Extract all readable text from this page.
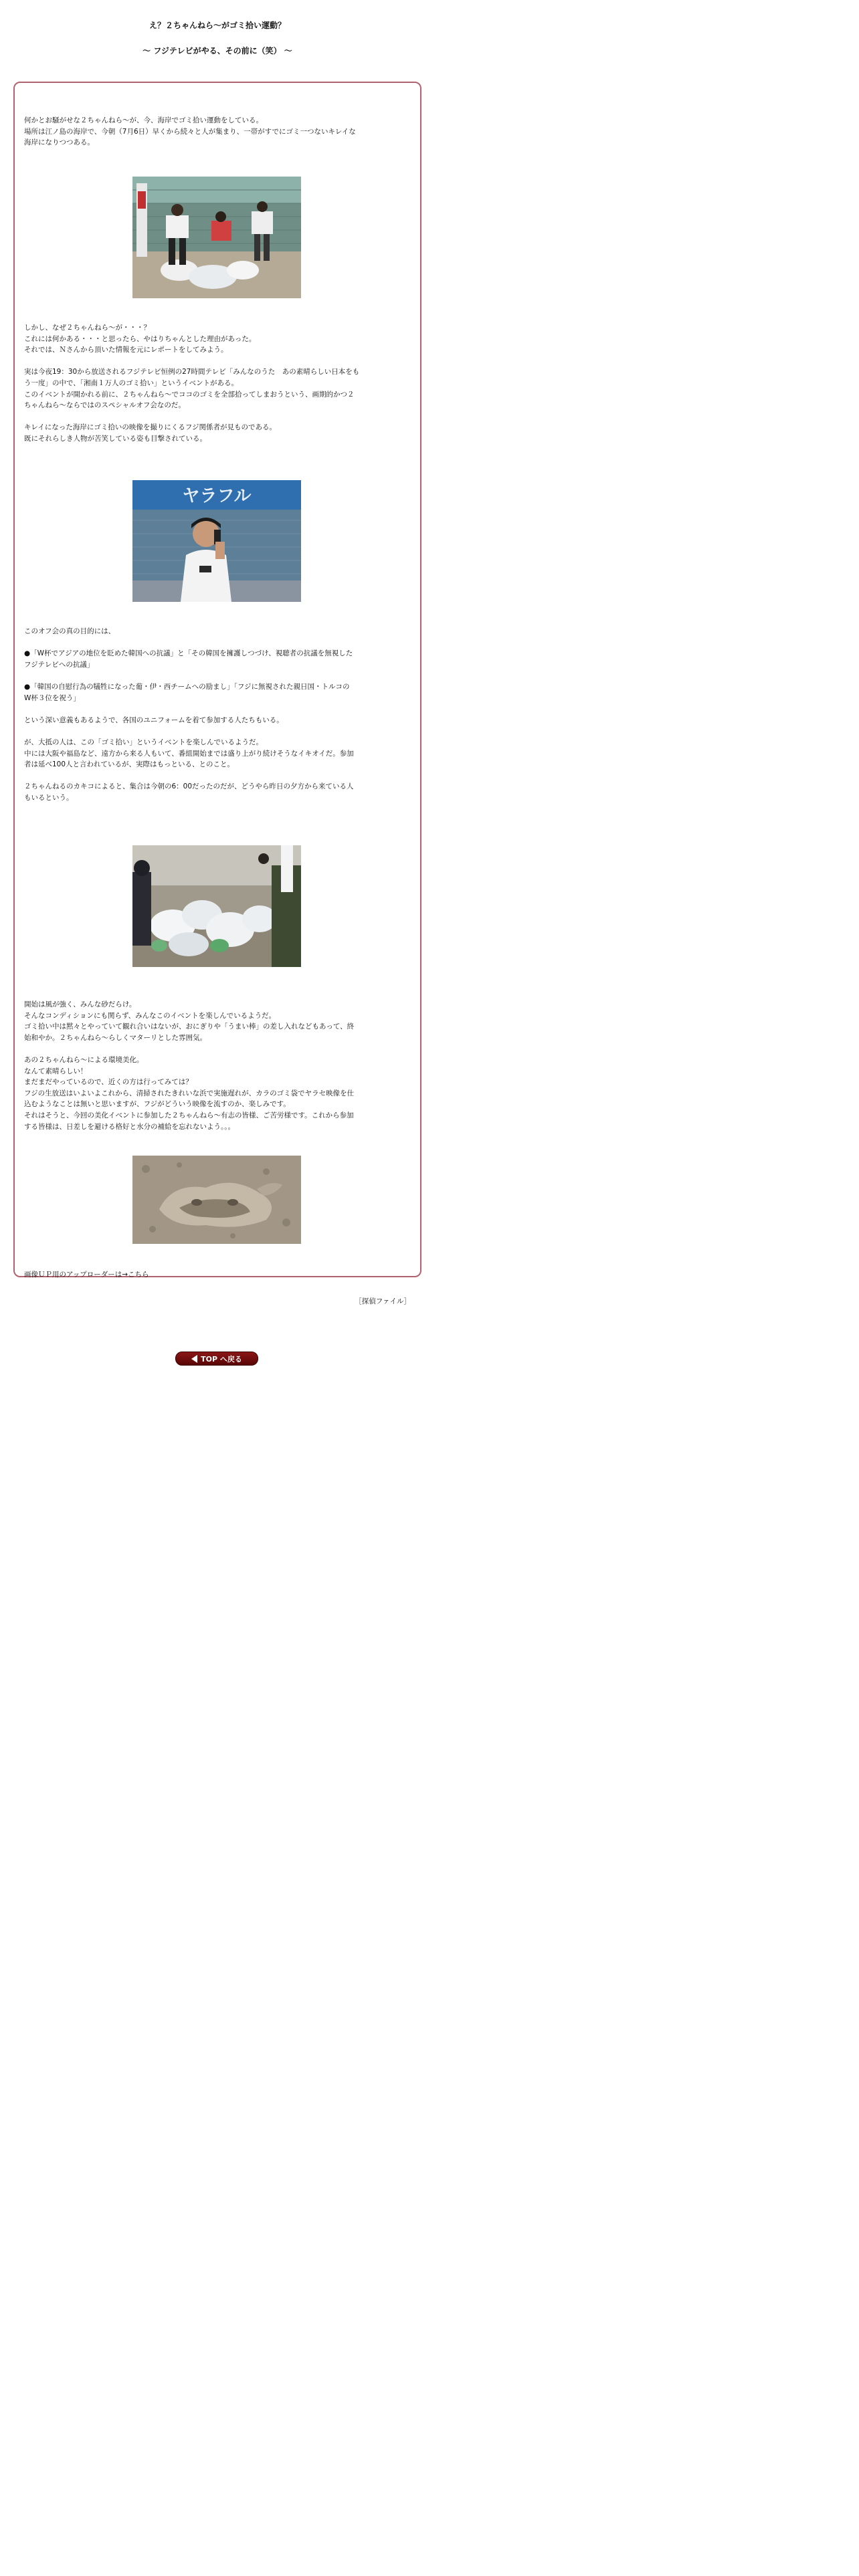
え？２ちゃんねら～がゴミ拾い運動？

～ フジテレビがやる、その前に（笑） ～

何かとお騒がせな２ちゃんねら～が、今、海岸でゴミ拾い運動をしている。
場所は江ノ島の海岸で、今朝（7月6日）早くから続々と人が集まり、一帯がすでにゴミ一つないキレイな
海岸になりつつある。

しかし、なぜ２ちゃんねら～が・・・？
これには何かある・・・と思ったら、やはりちゃんとした理由があった。
それでは、Ｎさんから頂いた情報を元にレポートをしてみよう。
実は今夜19：30から放送されるフジテレビ恒例の27時間テレビ「みんなのうた　あの素晴らしい日本をも
う一度」の中で、「湘南１万人のゴミ拾い」というイベントがある。
このイベントが開かれる前に、２ちゃんねら～でココのゴミを全部拾ってしまおうという、画期的かつ２
ちゃんねら～ならではのスペシャルオフ会なのだ。
キレイになった海岸にゴミ拾いの映像を撮りにくるフジ関係者が見ものである。
既にそれらしき人物が苦笑している姿も目撃されている。

ヤラフル

このオフ会の真の目的には、
●「W杯でアジアの地位を貶めた韓国への抗議」と「その韓国を擁護しつづけ、視聴者の抗議を無視した
フジテレビへの抗議」
●「韓国の自慰行為の犠牲になった葡・伊・西チームへの励まし」「フジに無視された親日国・トルコの
W杯３位を祝う」
という深い意義もあるようで、各国のユニフォームを着て参加する人たちもいる。
が、大抵の人は、この「ゴミ拾い」というイベントを楽しんでいるようだ。
中には大阪や福島など、遠方から来る人もいて、番組開始までは盛り上がり続けそうなイキオイだ。参加
者は延べ100人と言われているが、実際はもっといる、とのこと。
２ちゃんねるのカキコによると、集合は今朝の6：00だったのだが、どうやら昨日の夕方から来ている人
もいるという。

開始は風が強く、みんな砂だらけ。
そんなコンディションにも関らず、みんなこのイベントを楽しんでいるようだ。
ゴミ拾い中は黙々とやっていて観れ合いはないが、おにぎりや「うまい棒」の差し入れなどもあって、終
始和やか。２ちゃんねら～らしくマターリとした雰囲気。
あの２ちゃんねら～による環境美化。
なんて素晴らしい！
まだまだやっているので、近くの方は行ってみては？
フジの生放送はいよいよこれから、清掃されたきれいな浜で実施遅れが、カラのゴミ袋でヤラセ映像を仕
込むようなことは無いと思いますが、フジがどういう映像を流すのか、楽しみです。
それはそうと、今回の美化イベントに参加した２ちゃんねら～有志の皆様、ご苦労様です。これから参加
する皆様は、日差しを避ける格好と水分の補給を忘れないよう。。。

画像ＵＰ用のアップローダーは→こちら
［探偵ファイル］
TOP へ戻る
